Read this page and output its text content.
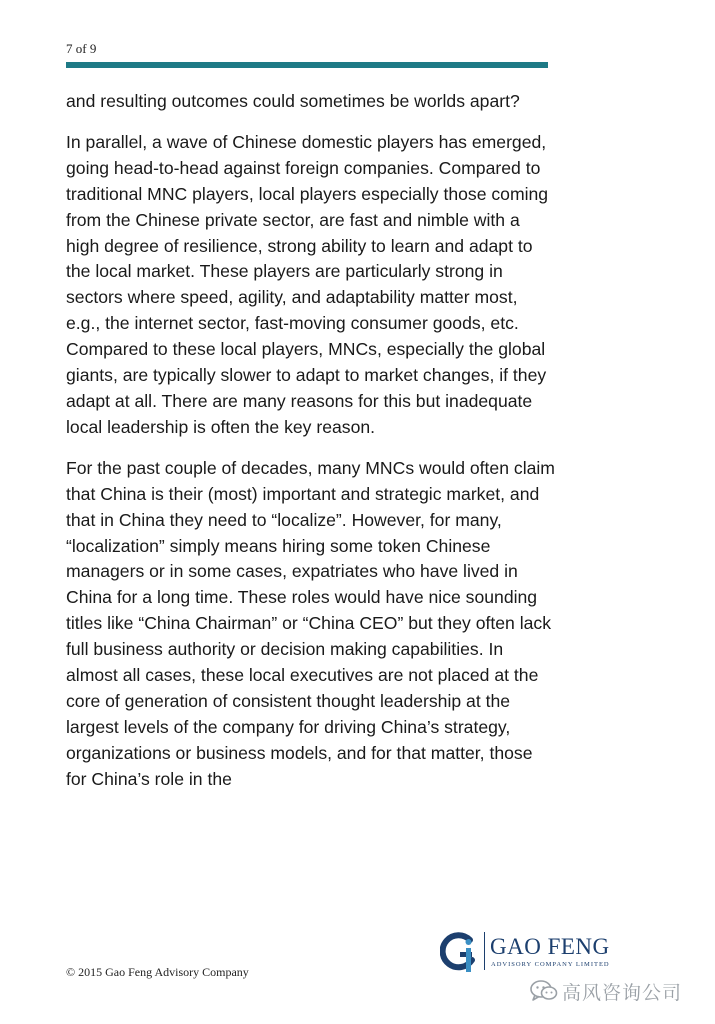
7 of 9

and resulting outcomes could sometimes be worlds apart?

In parallel, a wave of Chinese domestic players has emerged, going head-to-head against foreign companies. Compared to traditional MNC players, local players especially those coming from the Chinese private sector, are fast and nimble with a high degree of resilience, strong ability to learn and adapt to the local market. These players are particularly strong in sectors where speed, agility, and adaptability matter most, e.g., the internet sector, fast-moving consumer goods, etc. Compared to these local players, MNCs, especially the global giants, are typically slower to adapt to market changes, if they adapt at all. There are many reasons for this but inadequate local leadership is often the key reason.

For the past couple of decades, many MNCs would often claim that China is their (most) important and strategic market, and that in China they need to “localize”. However, for many, “localization” simply means hiring some token Chinese managers or in some cases, expatriates who have lived in China for a long time. These roles would have nice sounding titles like “China Chairman” or “China CEO” but they often lack full business authority or decision making capabilities. In almost all cases, these local executives are not placed at the core of generation of consistent thought leadership at the largest levels of the company for driving China’s strategy, organizations or business models, and for that matter, those for China’s role in the

© 2015 Gao Feng Advisory Company
GAO FENG
ADVISORY COMPANY LIMITED
高风咨询公司
